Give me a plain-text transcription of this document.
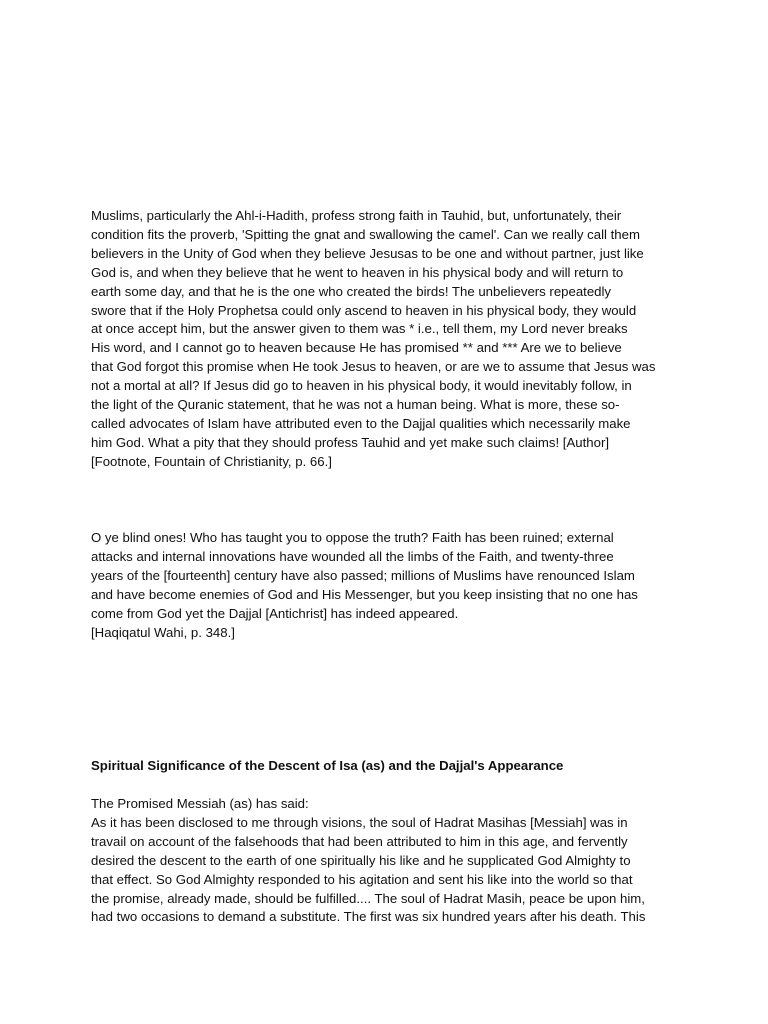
Muslims, particularly the Ahl-i-Hadith, profess strong faith in Tauhid, but, unfortunately, their
condition fits the proverb, 'Spitting the gnat and swallowing the camel'. Can we really call them
believers in the Unity of God when they believe Jesusas to be one and without partner, just like
God is, and when they believe that he went to heaven in his physical body and will return to
earth some day, and that he is the one who created the birds! The unbelievers repeatedly
swore that if the Holy Prophetsa could only ascend to heaven in his physical body, they would
at once accept him, but the answer given to them was * i.e., tell them, my Lord never breaks
His word, and I cannot go to heaven because He has promised ** and *** Are we to believe
that God forgot this promise when He took Jesus to heaven, or are we to assume that Jesus was
not a mortal at all? If Jesus did go to heaven in his physical body, it would inevitably follow, in
the light of the Quranic statement, that he was not a human being. What is more, these so-
called advocates of Islam have attributed even to the Dajjal qualities which necessarily make
him God. What a pity that they should profess Tauhid and yet make such claims! [Author]
[Footnote, Fountain of Christianity, p. 66.]
O ye blind ones! Who has taught you to oppose the truth? Faith has been ruined; external
attacks and internal innovations have wounded all the limbs of the Faith, and twenty-three
years of the [fourteenth] century have also passed; millions of Muslims have renounced Islam
and have become enemies of God and His Messenger, but you keep insisting that no one has
come from God yet the Dajjal [Antichrist] has indeed appeared.
[Haqiqatul Wahi, p. 348.]
Spiritual Significance of the Descent of Isa (as) and the Dajjal's Appearance
The Promised Messiah (as) has said:
As it has been disclosed to me through visions, the soul of Hadrat Masihas [Messiah] was in
travail on account of the falsehoods that had been attributed to him in this age, and fervently
desired the descent to the earth of one spiritually his like and he supplicated God Almighty to
that effect. So God Almighty responded to his agitation and sent his like into the world so that
the promise, already made, should be fulfilled.... The soul of Hadrat Masih, peace be upon him,
had two occasions to demand a substitute. The first was six hundred years after his death. This
